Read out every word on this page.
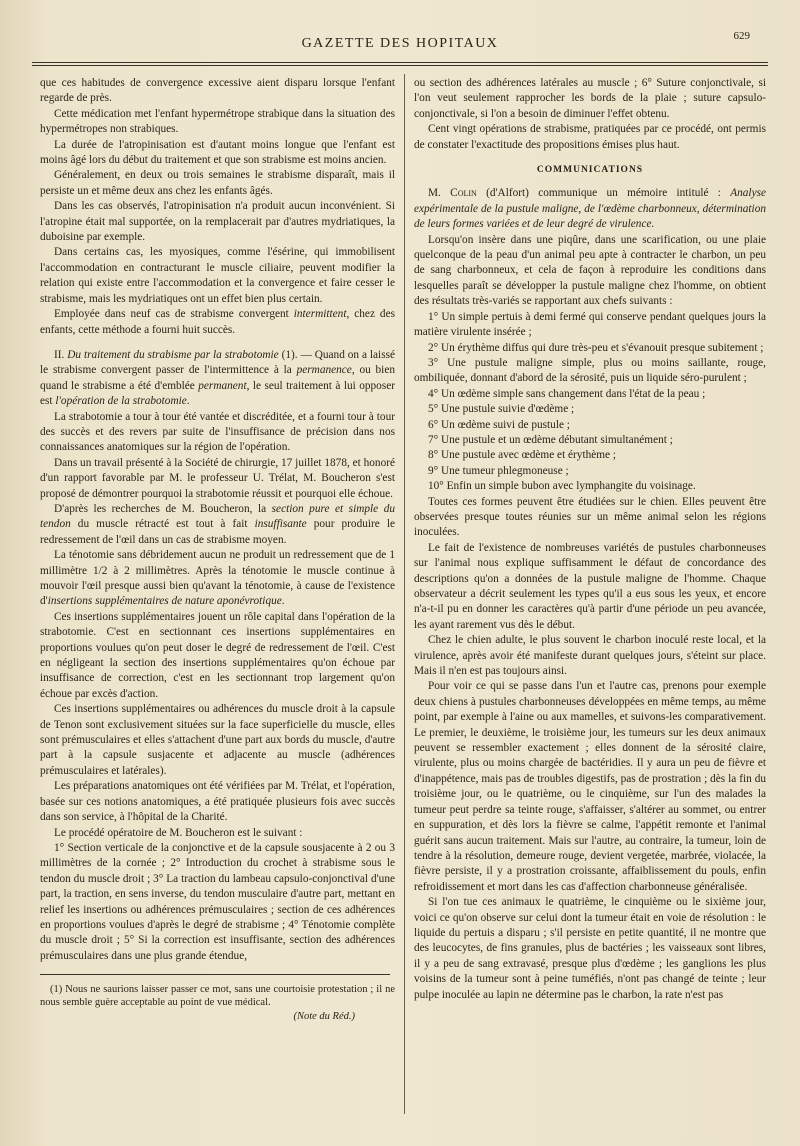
GAZETTE DES HOPITAUX	629

que ces habitudes de convergence excessive aient disparu lorsque l'enfant regarde de près.

Cette médication met l'enfant hypermétrope strabique dans la situation des hypermétropes non strabiques.

La durée de l'atropinisation est d'autant moins longue que l'enfant est moins âgé lors du début du traitement et que son strabisme est moins ancien.

Généralement, en deux ou trois semaines le strabisme disparaît, mais il persiste un et même deux ans chez les enfants âgés.

Dans les cas observés, l'atropinisation n'a produit aucun inconvénient. Si l'atropine était mal supportée, on la remplacerait par d'autres mydriatiques, la duboisine par exemple.

Dans certains cas, les myosiques, comme l'ésérine, qui immobilisent l'accommodation en contracturant le muscle ciliaire, peuvent modifier la relation qui existe entre l'accommodation et la convergence et faire cesser le strabisme, mais les mydriatiques ont un effet bien plus certain.

Employée dans neuf cas de strabisme convergent intermittent, chez des enfants, cette méthode a fourni huit succès.

II. Du traitement du strabisme par la strabotomie (1). — Quand on a laissé le strabisme convergent passer de l'intermittence à la permanence, ou bien quand le strabisme a été d'emblée permanent, le seul traitement à lui opposer est l'opération de la strabotomie.

La strabotomie a tour à tour été vantée et discréditée, et a fourni tour à tour des succès et des revers par suite de l'insuffisance de précision dans nos connaissances anatomiques sur la région de l'opération.

Dans un travail présenté à la Société de chirurgie, 17 juillet 1878, et honoré d'un rapport favorable par M. le professeur U. Trélat, M. Boucheron s'est proposé de démontrer pourquoi la strabotomie réussit et pourquoi elle échoue.

D'après les recherches de M. Boucheron, la section pure et simple du tendon du muscle rétracté est tout à fait insuffisante pour produire le redressement de l'œil dans un cas de strabisme moyen.

La ténotomie sans débridement aucun ne produit un redressement que de 1 millimètre 1/2 à 2 millimètres. Après la ténotomie le muscle continue à mouvoir l'œil presque aussi bien qu'avant la ténotomie, à cause de l'existence d'insertions supplémentaires de nature aponévrotique.

Ces insertions supplémentaires jouent un rôle capital dans l'opération de la strabotomie. C'est en sectionnant ces insertions supplémentaires en proportions voulues qu'on peut doser le degré de redressement de l'œil. C'est en négligeant la section des insertions supplémentaires qu'on échoue par insuffisance de correction, c'est en les sectionnant trop largement qu'on échoue par excès d'action.

Ces insertions supplémentaires ou adhérences du muscle droit à la capsule de Tenon sont exclusivement situées sur la face superficielle du muscle, elles sont prémusculaires et elles s'attachent d'une part aux bords du muscle, d'autre part à la capsule susjacente et adjacente au muscle (adhérences prémusculaires et latérales).

Les préparations anatomiques ont été vérifiées par M. Trélat, et l'opération, basée sur ces notions anatomiques, a été pratiquée plusieurs fois avec succès dans son service, à l'hôpital de la Charité.

Le procédé opératoire de M. Boucheron est le suivant :

1° Section verticale de la conjonctive et de la capsule sousjacente à 2 ou 3 millimètres de la cornée ; 2° Introduction du crochet à strabisme sous le tendon du muscle droit ; 3° La traction du lambeau capsulo-conjonctival d'une part, la traction, en sens inverse, du tendon musculaire d'autre part, mettant en relief les insertions ou adhérences prémusculaires ; section de ces adhérences en proportions voulues d'après le degré de strabisme ; 4° Ténotomie complète du muscle droit ; 5° Si la correction est insuffisante, section des adhérences prémusculaires dans une plus grande étendue,

(1) Nous ne saurions laisser passer ce mot, sans une courtoisie protestation ; il ne nous semble guère acceptable au point de vue médical.

(Note du Réd.)

ou section des adhérences latérales au muscle ; 6° Suture conjonctivale, si l'on veut seulement rapprocher les bords de la plaie ; suture capsulo-conjonctivale, si l'on a besoin de diminuer l'effet obtenu.

Cent vingt opérations de strabisme, pratiquées par ce procédé, ont permis de constater l'exactitude des propositions émises plus haut.

COMMUNICATIONS

M. Colin (d'Alfort) communique un mémoire intitulé : Analyse expérimentale de la pustule maligne, de l'œdème charbonneux, détermination de leurs formes variées et de leur degré de virulence.

Lorsqu'on insère dans une piqûre, dans une scarification, ou une plaie quelconque de la peau d'un animal peu apte à contracter le charbon, un peu de sang charbonneux, et cela de façon à reproduire les conditions dans lesquelles paraît se développer la pustule maligne chez l'homme, on obtient des résultats très-variés se rapportant aux chefs suivants :

1° Un simple pertuis à demi fermé qui conserve pendant quelques jours la matière virulente insérée ;

2° Un érythème diffus qui dure très-peu et s'évanouit presque subitement ;

3° Une pustule maligne simple, plus ou moins saillante, rouge, ombiliquée, donnant d'abord de la sérosité, puis un liquide séro-purulent ;

4° Un œdème simple sans changement dans l'état de la peau ;

5° Une pustule suivie d'œdème ;

6° Un œdème suivi de pustule ;

7° Une pustule et un œdème débutant simultanément ;

8° Une pustule avec œdème et érythème ;

9° Une tumeur phlegmoneuse ;

10° Enfin un simple bubon avec lymphangite du voisinage.

Toutes ces formes peuvent être étudiées sur le chien. Elles peuvent être observées presque toutes réunies sur un même animal selon les régions inoculées.

Le fait de l'existence de nombreuses variétés de pustules charbonneuses sur l'animal nous explique suffisamment le défaut de concordance des descriptions qu'on a données de la pustule maligne de l'homme. Chaque observateur a décrit seulement les types qu'il a eus sous les yeux, et encore n'a-t-il pu en donner les caractères qu'à partir d'une période un peu avancée, les ayant rarement vus dès le début.

Chez le chien adulte, le plus souvent le charbon inoculé reste local, et la virulence, après avoir été manifeste durant quelques jours, s'éteint sur place. Mais il n'en est pas toujours ainsi.

Pour voir ce qui se passe dans l'un et l'autre cas, prenons pour exemple deux chiens à pustules charbonneuses développées en même temps, au même point, par exemple à l'aine ou aux mamelles, et suivons-les comparativement. Le premier, le deuxième, le troisième jour, les tumeurs sur les deux animaux peuvent se ressembler exactement ; elles donnent de la sérosité claire, virulente, plus ou moins chargée de bactéridies. Il y aura un peu de fièvre et d'inappétence, mais pas de troubles digestifs, pas de prostration ; dès la fin du troisième jour, ou le quatrième, ou le cinquième, sur l'un des malades la tumeur peut perdre sa teinte rouge, s'affaisser, s'altérer au sommet, ou entrer en suppuration, et dès lors la fièvre se calme, l'appétit remonte et l'animal guérit sans aucun traitement. Mais sur l'autre, au contraire, la tumeur, loin de tendre à la résolution, demeure rouge, devient vergetée, marbrée, violacée, la fièvre persiste, il y a prostration croissante, affaiblissement du pouls, enfin refroidissement et mort dans les cas d'affection charbonneuse généralisée.

Si l'on tue ces animaux le quatrième, le cinquième ou le sixième jour, voici ce qu'on observe sur celui dont la tumeur était en voie de résolution : le liquide du pertuis a disparu ; s'il persiste en petite quantité, il ne montre que des leucocytes, de fins granules, plus de bactéries ; les vaisseaux sont libres, il y a peu de sang extravasé, presque plus d'œdème ; les ganglions les plus voisins de la tumeur sont à peine tuméfiés, n'ont pas changé de teinte ; leur pulpe inoculée au lapin ne détermine pas le charbon, la rate n'est pas
